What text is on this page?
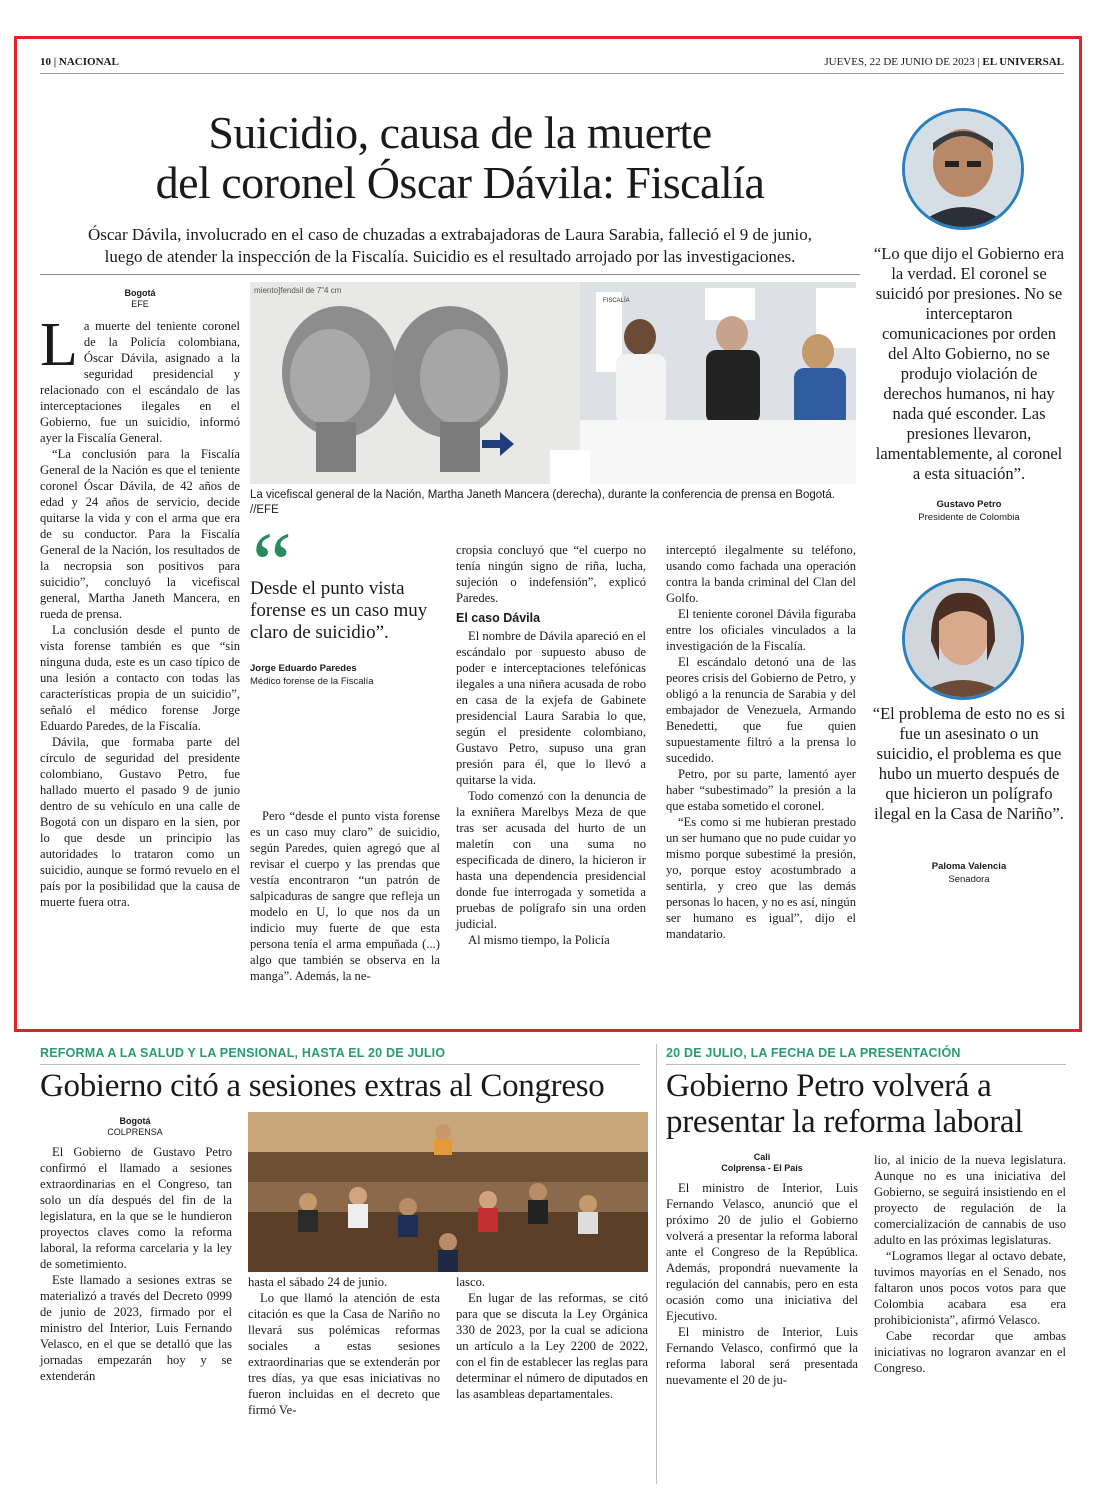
10 | NACIONAL	JUEVES, 22 DE JUNIO DE 2023 | EL UNIVERSAL
Suicidio, causa de la muerte
del coronel Óscar Dávila: Fiscalía
Óscar Dávila, involucrado en el caso de chuzadas a extrabajadoras de Laura Sarabia, falleció el 9 de junio,
luego de atender la inspección de la Fiscalía. Suicidio es el resultado arrojado por las investigaciones.
Bogotá
EFE

La muerte del teniente coronel de la Policía colombiana, Óscar Dávila, asignado a la seguridad presidencial y relacionado con el escándalo de las interceptaciones ilegales en el Gobierno, fue un suicidio, informó ayer la Fiscalía General.

“La conclusión para la Fiscalía General de la Nación es que el teniente coronel Óscar Dávila, de 42 años de edad y 24 años de servicio, decide quitarse la vida y con el arma que era de su conductor. Para la Fiscalía General de la Nación, los resultados de la necropsia son positivos para suicidio”, concluyó la vicefiscal general, Martha Janeth Mancera, en rueda de prensa.

La conclusión desde el punto de vista forense también es que “sin ninguna duda, este es un caso típico de una lesión a contacto con todas las características propia de un suicidio”, señaló el médico forense Jorge Eduardo Paredes, de la Fiscalía.

Dávila, que formaba parte del círculo de seguridad del presidente colombiano, Gustavo Petro, fue hallado muerto el pasado 9 de junio dentro de su vehículo en una calle de Bogotá con un disparo en la sien, por lo que desde un principio las autoridades lo trataron como un suicidio, aunque se formó revuelo en el país por la posibilidad que la causa de muerte fuera otra.

miento]fendsil de 7"4 cm
FISCALÍA
La vicefiscal general de la Nación, Martha Janeth Mancera (derecha), durante la conferencia de prensa en Bogotá. //EFE
“
Desde el punto vista forense es un caso muy claro de suicidio”.
Jorge Eduardo Paredes
Médico forense de la Fiscalía

Pero “desde el punto vista forense es un caso muy claro” de suicidio, según Paredes, quien agregó que al revisar el cuerpo y las prendas que vestía encontraron “un patrón de salpicaduras de sangre que refleja un modelo en U, lo que nos da un indicio muy fuerte de que esta persona tenía el arma empuñada (...) algo que también se observa en la manga”. Además, la ne-

cropsia concluyó que “el cuerpo no tenía ningún signo de riña, lucha, sujeción o indefensión”, explicó Paredes.

El caso Dávila

El nombre de Dávila apareció en el escándalo por supuesto abuso de poder e interceptaciones telefónicas ilegales a una niñera acusada de robo en casa de la exjefa de Gabinete presidencial Laura Sarabia lo que, según el presidente colombiano, Gustavo Petro, supuso una gran presión para él, que lo llevó a quitarse la vida.

Todo comenzó con la denuncia de la exniñera Marelbys Meza de que tras ser acusada del hurto de un maletín con una suma no especificada de dinero, la hicieron ir hasta una dependencia presidencial donde fue interrogada y sometida a pruebas de polígrafo sin una orden judicial.

Al mismo tiempo, la Policía

interceptó ilegalmente su teléfono, usando como fachada una operación contra la banda criminal del Clan del Golfo.

El teniente coronel Dávila figuraba entre los oficiales vinculados a la investigación de la Fiscalía.

El escándalo detonó una de las peores crisis del Gobierno de Petro, y obligó a la renuncia de Sarabia y del embajador de Venezuela, Armando Benedetti, que fue quien supuestamente filtró a la prensa lo sucedido.

Petro, por su parte, lamentó ayer haber “subestimado” la presión a la que estaba sometido el coronel.

“Es como si me hubieran prestado un ser humano que no pude cuidar yo mismo porque subestimé la presión, yo, porque estoy acostumbrado a sentirla, y creo que las demás personas lo hacen, y no es así, ningún ser humano es igual”, dijo el mandatario.

“Lo que dijo el Gobierno era la verdad. El coronel se suicidó por presiones. No se interceptaron comunicaciones por orden del Alto Gobierno, no se produjo violación de derechos humanos, ni hay nada qué esconder. Las presiones llevaron, lamentablemente, al coronel a esta situación”.
Gustavo Petro
Presidente de Colombia
“El problema de esto no es si fue un asesinato o un suicidio, el problema es que hubo un muerto después de que hicieron un polígrafo ilegal en la Casa de Nariño”.
Paloma Valencia
Senadora
REFORMA A LA SALUD Y LA PENSIONAL, HASTA EL 20 DE JULIO
Gobierno citó a sesiones extras al Congreso
Bogotá
COLPRENSA

El Gobierno de Gustavo Petro confirmó el llamado a sesiones extraordinarias en el Congreso, tan solo un día después del fin de la legislatura, en la que se le hundieron proyectos claves como la reforma laboral, la reforma carcelaria y la ley de sometimiento.

Este llamado a sesiones extras se materializó a través del Decreto 0999 de junio de 2023, firmado por el ministro del Interior, Luis Fernando Velasco, en el que se detalló que las jornadas empezarán hoy y se extenderán

hasta el sábado 24 de junio.

Lo que llamó la atención de esta citación es que la Casa de Nariño no llevará sus polémicas reformas sociales a estas sesiones extraordinarias que se extenderán por tres días, ya que esas iniciativas no fueron incluidas en el decreto que firmó Ve-

lasco.

En lugar de las reformas, se citó para que se discuta la Ley Orgánica 330 de 2023, por la cual se adiciona un artículo a la Ley 2200 de 2022, con el fin de establecer las reglas para determinar el número de diputados en las asambleas departamentales.

20 DE JULIO, LA FECHA DE LA PRESENTACIÓN
Gobierno Petro volverá a
presentar la reforma laboral
Cali
Colprensa - El País

El ministro de Interior, Luis Fernando Velasco, anunció que el próximo 20 de julio el Gobierno volverá a presentar la reforma laboral ante el Congreso de la República. Además, propondrá nuevamente la regulación del cannabis, pero en esta ocasión como una iniciativa del Ejecutivo.

El ministro de Interior, Luis Fernando Velasco, confirmó que la reforma laboral será presentada nuevamente el 20 de ju-

lio, al inicio de la nueva legislatura. Aunque no es una iniciativa del Gobierno, se seguirá insistiendo en el proyecto de regulación de la comercialización de cannabis de uso adulto en las próximas legislaturas.

“Logramos llegar al octavo debate, tuvimos mayorías en el Senado, nos faltaron unos pocos votos para que Colombia acabara esa era prohibicionista”, afirmó Velasco.

Cabe recordar que ambas iniciativas no lograron avanzar en el Congreso.
